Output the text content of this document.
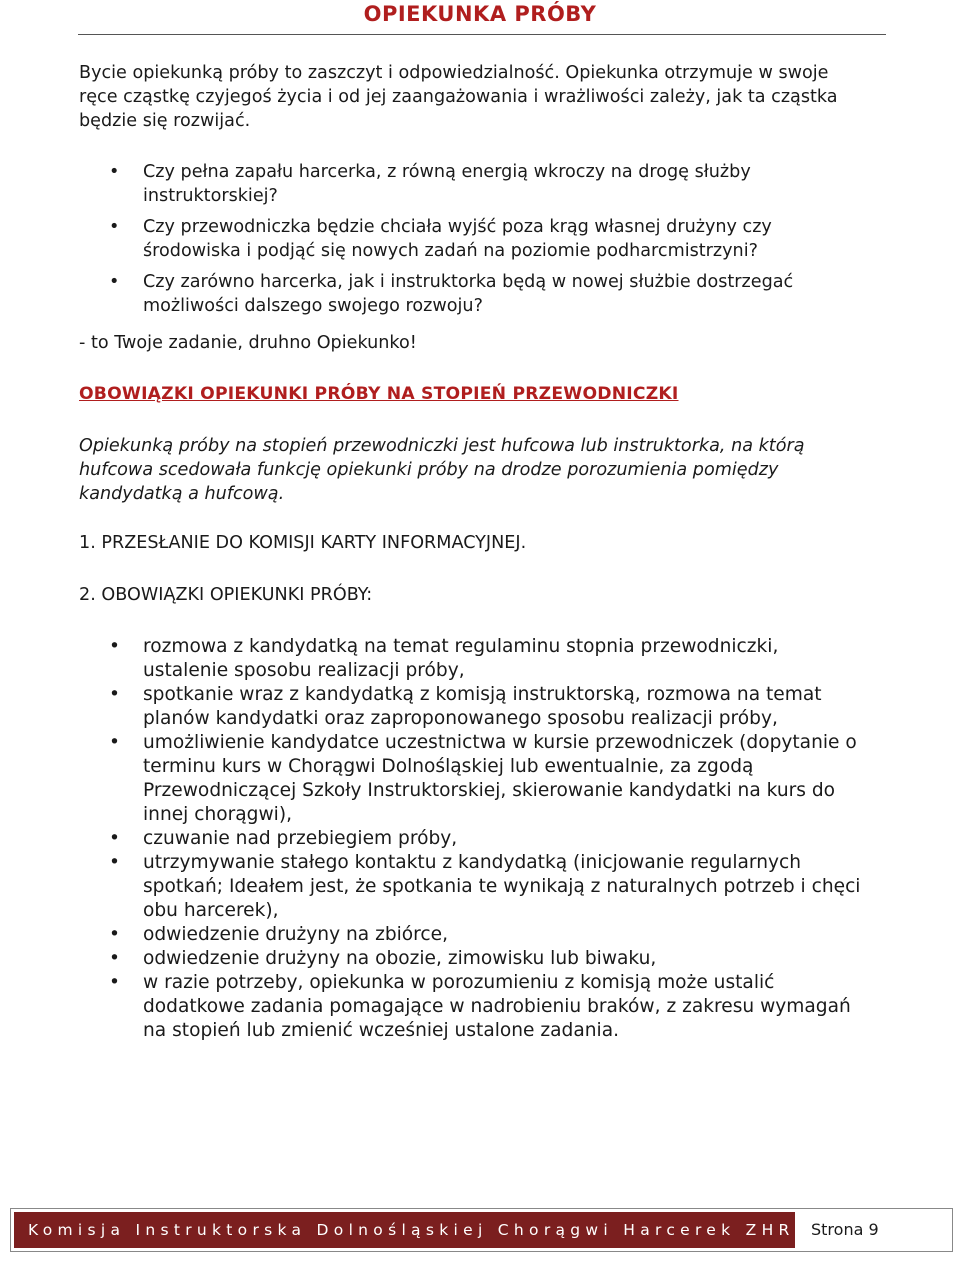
OPIEKUNKA PRÓBY

Bycie opiekunką próby to zaszczyt i odpowiedzialność. Opiekunka otrzymuje w swoje ręce cząstkę czyjegoś życia i od jej zaangażowania i wrażliwości zależy, jak ta cząstka będzie się rozwijać.

• Czy pełna zapału harcerka, z równą energią wkroczy na drogę służby instruktorskiej?
• Czy przewodniczka będzie chciała wyjść poza krąg własnej drużyny czy środowiska i podjąć się nowych zadań na poziomie podharcmistrzyni?
• Czy zarówno harcerka, jak i instruktorka będą w nowej służbie dostrzegać możliwości dalszego swojego rozwoju?

- to Twoje zadanie, druhno Opiekunko!

OBOWIĄZKI OPIEKUNKI PRÓBY NA STOPIEŃ PRZEWODNICZKI

Opiekunką próby na stopień przewodniczki jest hufcowa lub instruktorka, na którą hufcowa scedowała funkcję opiekunki próby na drodze porozumienia pomiędzy kandydatką a hufcową.

1. PRZESŁANIE DO KOMISJI KARTY INFORMACYJNEJ.

2. OBOWIĄZKI OPIEKUNKI PRÓBY:

• rozmowa z kandydatką na temat regulaminu stopnia przewodniczki, ustalenie sposobu realizacji próby,
• spotkanie wraz z kandydatką z komisją instruktorską, rozmowa na temat planów kandydatki oraz zaproponowanego sposobu realizacji próby,
• umożliwienie kandydatce uczestnictwa w kursie przewodniczek (dopytanie o terminu kurs w Chorągwi Dolnośląskiej lub ewentualnie, za zgodą Przewodniczącej Szkoły Instruktorskiej, skierowanie kandydatki na kurs do innej chorągwi),
• czuwanie nad przebiegiem próby,
• utrzymywanie stałego kontaktu z kandydatką (inicjowanie regularnych spotkań; Ideałem jest, że spotkania te wynikają z naturalnych potrzeb i chęci obu harcerek),
• odwiedzenie drużyny na zbiórce,
• odwiedzenie drużyny na obozie, zimowisku lub biwaku,
• w razie potrzeby, opiekunka w porozumieniu z komisją może ustalić dodatkowe zadania pomagające w nadrobieniu braków, z zakresu wymagań na stopień lub zmienić wcześniej ustalone zadania.
Komisja Instruktorska Dolnośląskiej Chorągwi Harcerek ZHR Strona 9
